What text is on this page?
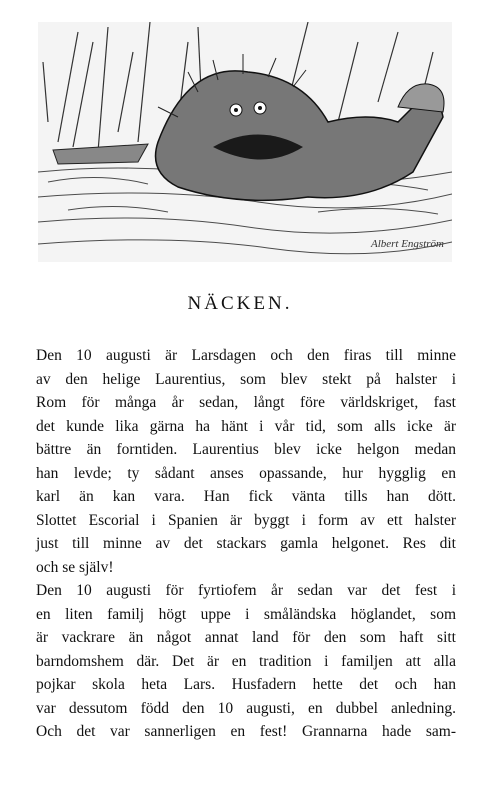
Albert Engström
NÄCKEN.

Den 10 augusti är Larsdagen och den firas till minne
av den helige Laurentius, som blev stekt på halster i
Rom för många år sedan, långt före världskriget, fast
det kunde lika gärna ha hänt i vår tid, som alls icke är
bättre än forntiden. Laurentius blev icke helgon medan
han levde; ty sådant anses opassande, hur hygglig en
karl än kan vara. Han fick vänta tills han dött.
Slottet Escorial i Spanien är byggt i form av ett halster
just till minne av det stackars gamla helgonet. Res dit
och se själv!

Den 10 augusti för fyrtiofem år sedan var det fest i
en liten familj högt uppe i småländska höglandet, som
är vackrare än något annat land för den som haft sitt
barndomshem där. Det är en tradition i familjen att alla
pojkar skola heta Lars. Husfadern hette det och han
var dessutom född den 10 augusti, en dubbel anledning.
Och det var sannerligen en fest! Grannarna hade sam-
